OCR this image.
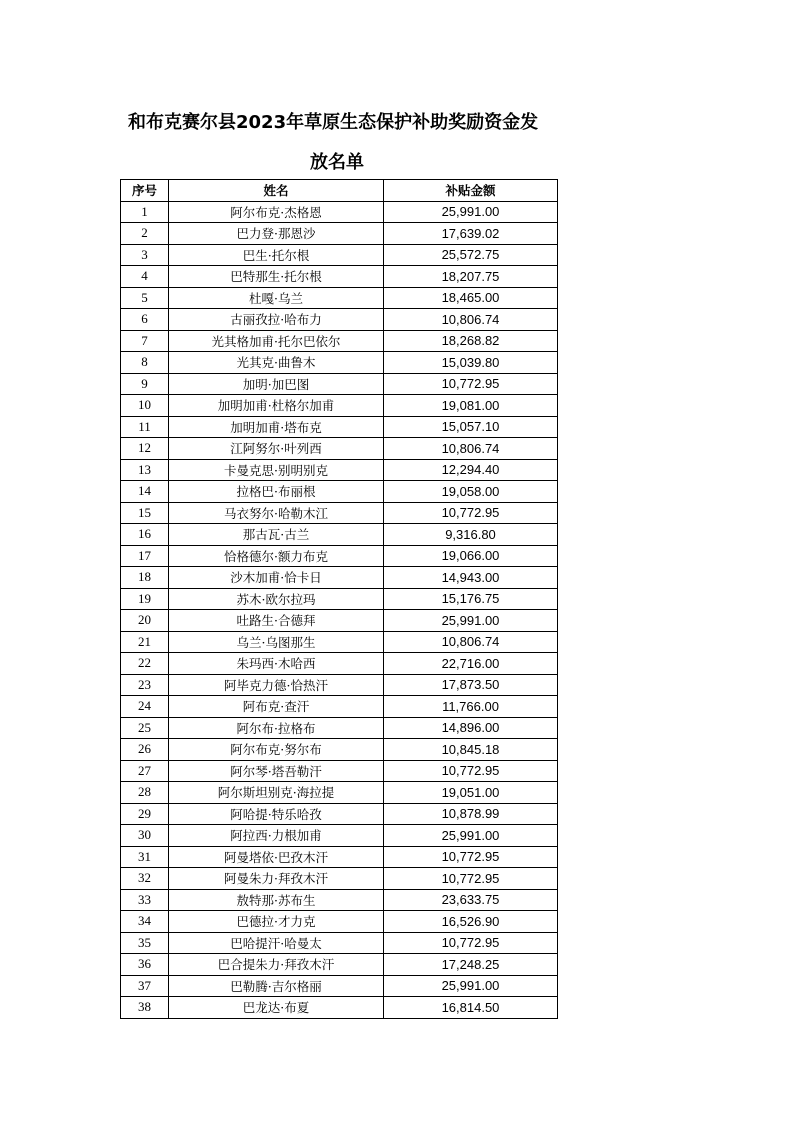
和布克赛尔县2023年草原生态保护补助奖励资金发
放名单
序号	姓名	补贴金额
1	阿尔布克·杰格恩	25,991.00
2	巴力登·那恩沙	17,639.02
3	巴生·托尔根	25,572.75
4	巴特那生·托尔根	18,207.75
5	杜嘎·乌兰	18,465.00
6	古丽孜拉·哈布力	10,806.74
7	光其格加甫·托尔巴依尔	18,268.82
8	光其克·曲鲁木	15,039.80
9	加明·加巴图	10,772.95
10	加明加甫·杜格尔加甫	19,081.00
11	加明加甫·塔布克	15,057.10
12	江阿努尔·叶列西	10,806.74
13	卡曼克思·别明别克	12,294.40
14	拉格巴·布丽根	19,058.00
15	马衣努尔·哈勒木江	10,772.95
16	那古瓦·古兰	9,316.80
17	恰格德尔·额力布克	19,066.00
18	沙木加甫·恰卡日	14,943.00
19	苏木·欧尔拉玛	15,176.75
20	吐路生·合德拜	25,991.00
21	乌兰·乌图那生	10,806.74
22	朱玛西·木哈西	22,716.00
23	阿毕克力德·恰热汗	17,873.50
24	阿布克·查汗	11,766.00
25	阿尔布·拉格布	14,896.00
26	阿尔布克·努尔布	10,845.18
27	阿尔琴·塔吾勒汗	10,772.95
28	阿尔斯坦别克·海拉提	19,051.00
29	阿哈提·特乐哈孜	10,878.99
30	阿拉西·力根加甫	25,991.00
31	阿曼塔依·巴孜木汗	10,772.95
32	阿曼朱力·拜孜木汗	10,772.95
33	敖特那·苏布生	23,633.75
34	巴德拉·才力克	16,526.90
35	巴哈提汗·哈曼太	10,772.95
36	巴合提朱力·拜孜木汗	17,248.25
37	巴勒腾·吉尔格丽	25,991.00
38	巴龙达·布夏	16,814.50
